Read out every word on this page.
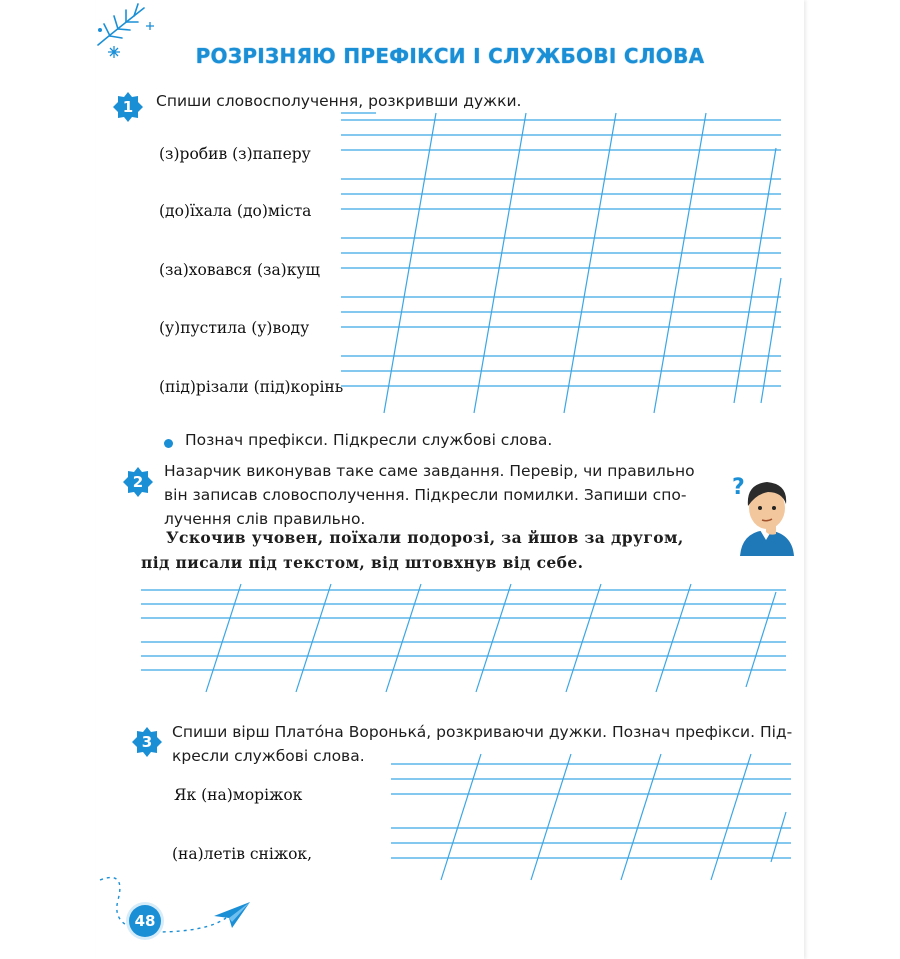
РОЗРІЗНЯЮ ПРЕФІКСИ І СЛУЖБОВІ СЛОВА
1 Спиши словосполучення, розкривши дужки.
(з)робив (з)паперу
(до)їхала (до)міста
(за)ховався (за)кущ
(у)пустила (у)воду
(під)різали (під)корінь
Познач префікси. Підкресли службові слова.
2
Назарчик виконував таке саме завдання. Перевір, чи правильно
він записав словосполучення. Підкресли помилки. Запиши спо-
лучення слів правильно.
?
Ускочив учовен, поїхали подорозі, за йшов за другом,
під писали під текстом, від штовхнув від себе.
3
Спиши вірш Плато́на Воронька́, розкриваючи дужки. Познач префікси. Під-
кресли службові слова.
Як (на)моріжок
(на)летів сніжок,
48
